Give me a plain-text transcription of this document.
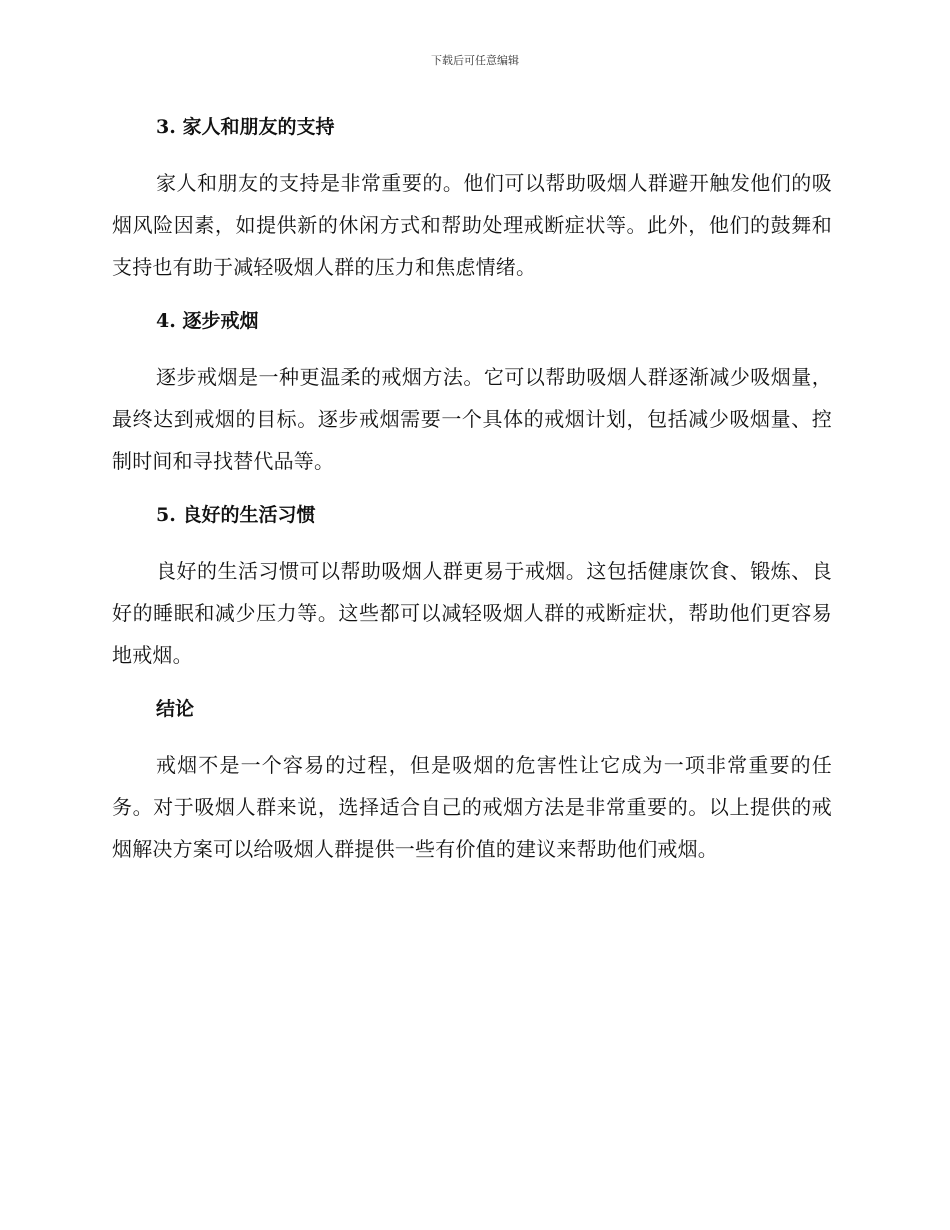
下载后可任意编辑
3. 家人和朋友的支持

家人和朋友的支持是非常重要的。他们可以帮助吸烟人群避开触发他们的吸烟风险因素，如提供新的休闲方式和帮助处理戒断症状等。此外，他们的鼓舞和支持也有助于减轻吸烟人群的压力和焦虑情绪。

4. 逐步戒烟

逐步戒烟是一种更温柔的戒烟方法。它可以帮助吸烟人群逐渐减少吸烟量，最终达到戒烟的目标。逐步戒烟需要一个具体的戒烟计划，包括减少吸烟量、控制时间和寻找替代品等。

5. 良好的生活习惯

良好的生活习惯可以帮助吸烟人群更易于戒烟。这包括健康饮食、锻炼、良好的睡眠和减少压力等。这些都可以减轻吸烟人群的戒断症状，帮助他们更容易地戒烟。

结论

戒烟不是一个容易的过程，但是吸烟的危害性让它成为一项非常重要的任务。对于吸烟人群来说，选择适合自己的戒烟方法是非常重要的。以上提供的戒烟解决方案可以给吸烟人群提供一些有价值的建议来帮助他们戒烟。
